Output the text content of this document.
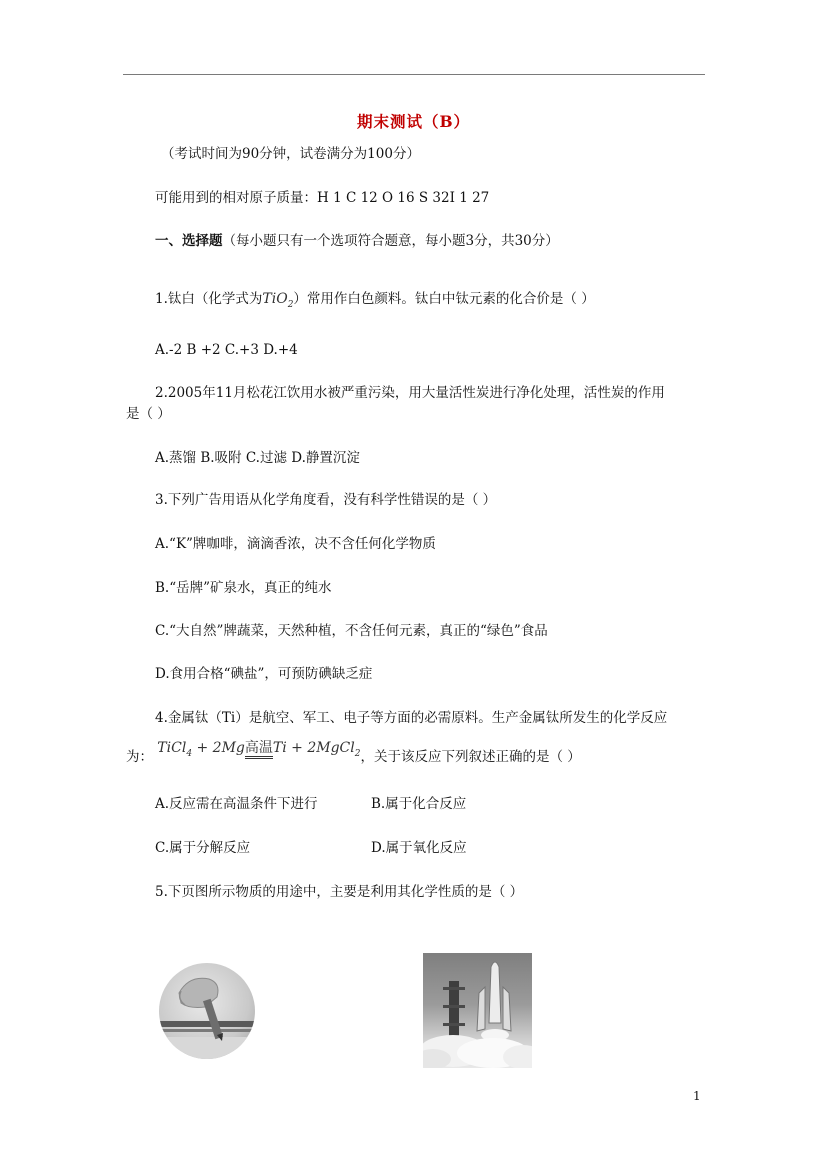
期末测试（B）
（考试时间为90分钟，试卷满分为100分）
可能用到的相对原子质量：H 1 C 12 O 16 S 32I 1 27
一、选择题（每小题只有一个选项符合题意，每小题3分，共30分）
1.钛白（化学式为TiO$_2$）常用作白色颜料。钛白中钛元素的化合价是（ ）
A.-2 B +2 C.+3 D.+4
2.2005年11月松花江饮用水被严重污染，用大量活性炭进行净化处理，活性炭的作用
是（ ）
A.蒸馏 B.吸附 C.过滤 D.静置沉淀
3.下列广告用语从化学角度看，没有科学性错误的是（ ）
A.“K”牌咖啡，滴滴香浓，决不含任何化学物质
B.“岳牌”矿泉水，真正的纯水
C.“大自然”牌蔬菜，天然种植，不含任何元素，真正的“绿色”食品
D.食用合格“碘盐”，可预防碘缺乏症
4.金属钛（Ti）是航空、军工、电子等方面的必需原料。生产金属钛所发生的化学反应
为： TiCl$_4$ + 2Mg高温Ti + 2MgCl$_2$，关于该反应下列叙述正确的是（ ）
A.反应需在高温条件下进行	B.属于化合反应
C.属于分解反应	D.属于氧化反应
5.下页图所示物质的用途中，主要是利用其化学性质的是（ ）
1
